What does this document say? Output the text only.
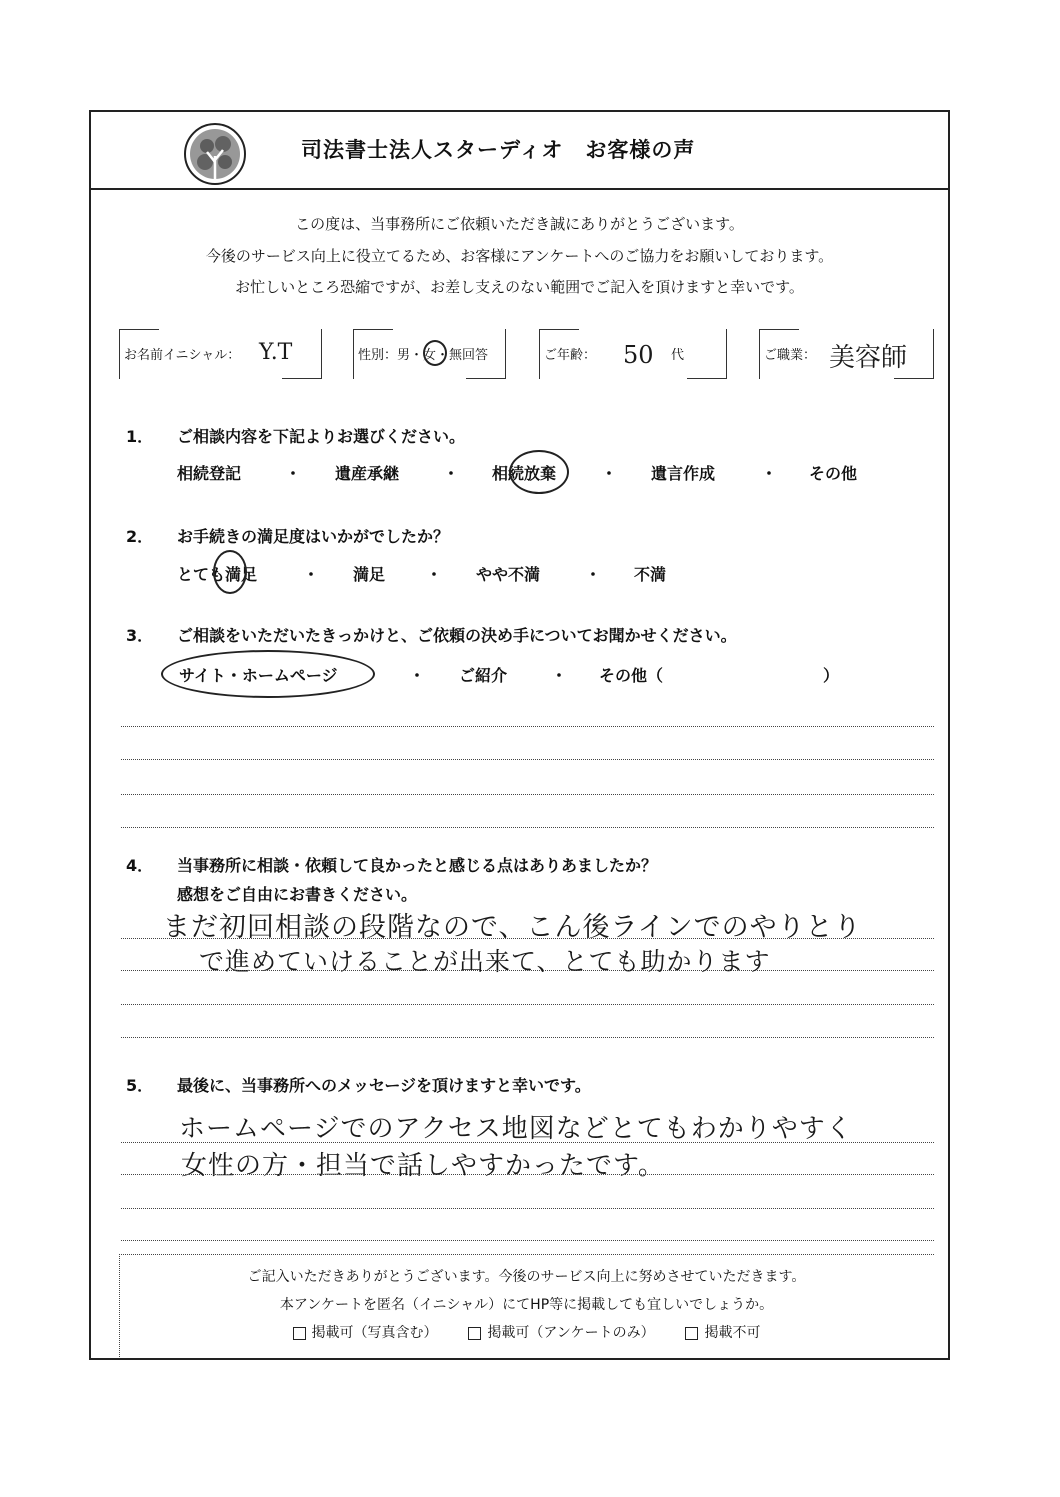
司法書士法人スターディオ　お客様の声
この度は、当事務所にご依頼いただき誠にありがとうございます。
今後のサービス向上に役立てるため、お客様にアンケートへのご協力をお願いしております。
お忙しいところ恐縮ですが、お差し支えのない範囲でご記入を頂けますと幸いです。
お名前イニシャル： Y.T	性別：男・女・無回答	ご年齢： 50 代	ご職業： 美容師
1． ご相談内容を下記よりお選びください。
相続登記	・ 遺産承継	・ 相続放棄	・ 遺言作成	・ その他
2． お手続きの満足度はいかがでしたか？
とても満足	・ 満足	・ やや不満	・ 不満
3． ご相談をいただいたきっかけと、ご依頼の決め手についてお聞かせください。
サイト・ホームページ	・ ご紹介	・ その他（	）
4． 当事務所に相談・依頼して良かったと感じる点はありあましたか？
感想をご自由にお書きください。
まだ初回相談の段階なので、こん後ラインでのやりとり
で進めていけることが出来て、とても助かります
5． 最後に、当事務所へのメッセージを頂けますと幸いです。
ホームページでのアクセス地図などとてもわかりやすく
女性の方・担当で話しやすかったです。
ご記入いただきありがとうございます。今後のサービス向上に努めさせていただきます。
本アンケートを匿名（イニシャル）にてHP等に掲載しても宜しいでしょうか。
掲載可（写真含む）	掲載可（アンケートのみ）	掲載不可
